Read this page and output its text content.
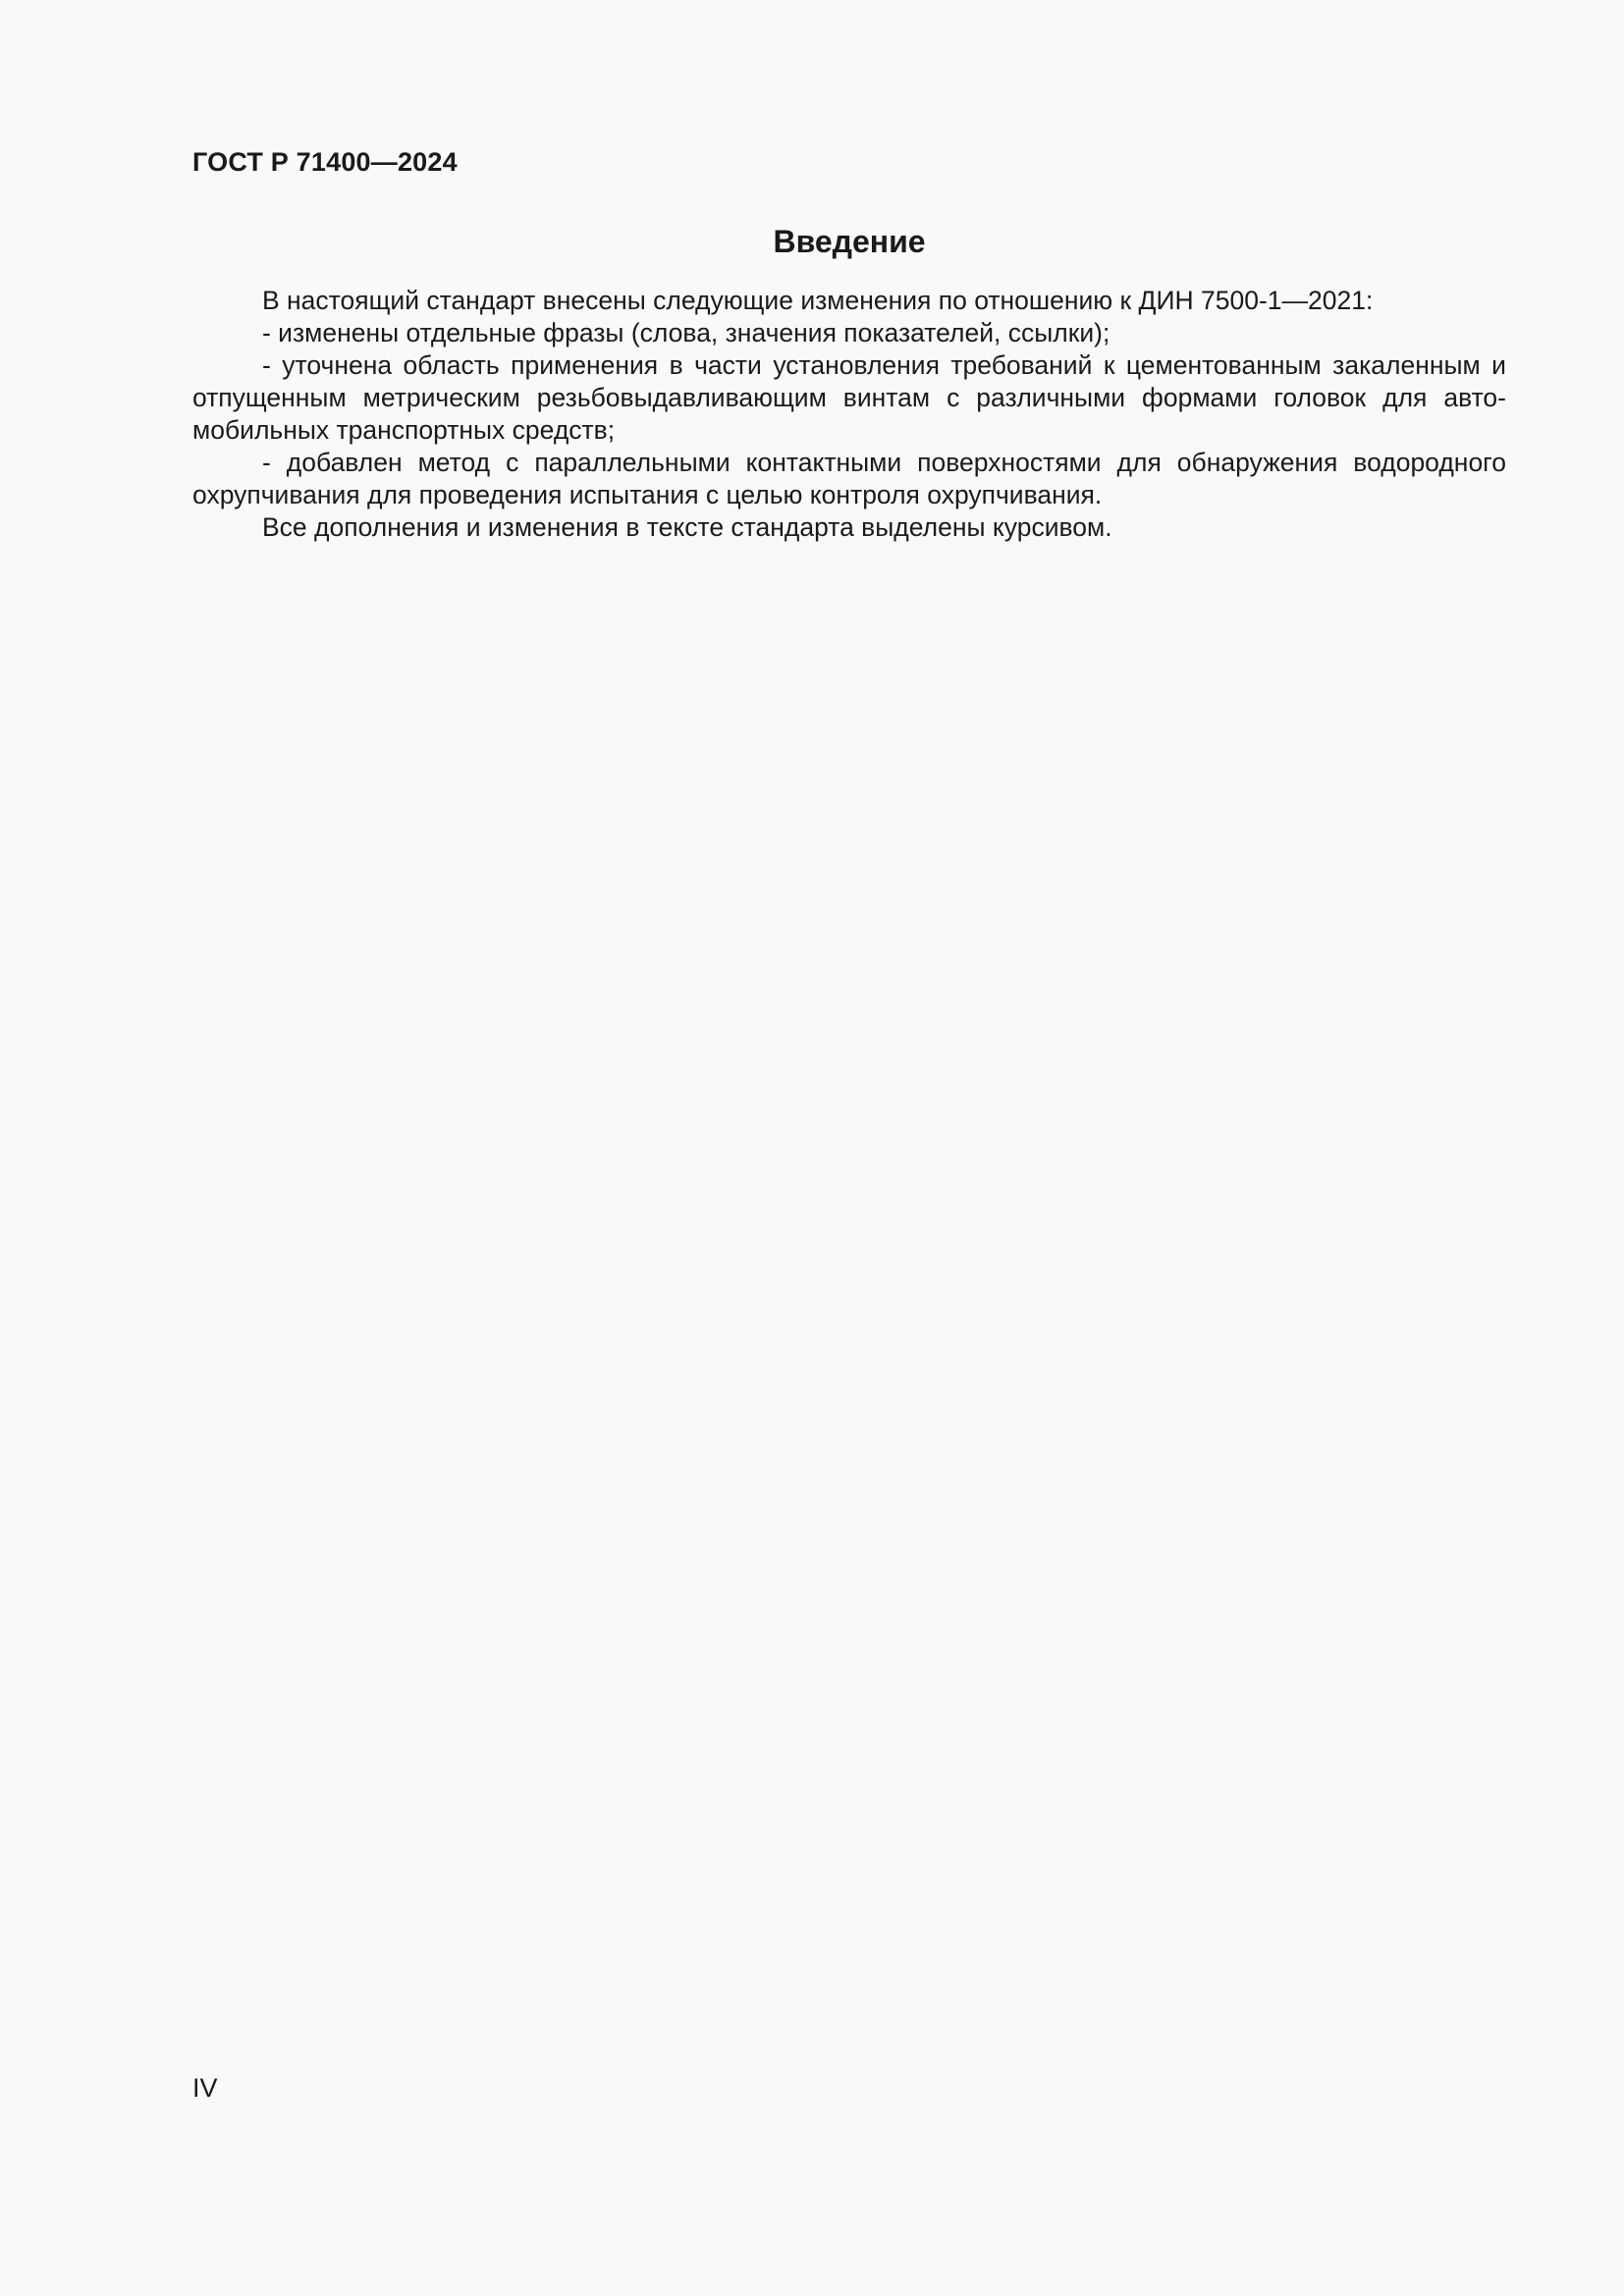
ГОСТ Р 71400—2024
Введение

В настоящий стандарт внесены следующие изменения по отношению к ДИН 7500-1—2021:

- изменены отдельные фразы (слова, значения показателей, ссылки);

- уточнена область применения в части установления требований к цементованным закаленным и отпущенным метрическим резьбовыдавливающим винтам с различными формами головок для автомобильных транспортных средств;

- добавлен метод с параллельными контактными поверхностями для обнаружения водородного охрупчивания для проведения испытания с целью контроля охрупчивания.

Все дополнения и изменения в тексте стандарта выделены курсивом.

IV
